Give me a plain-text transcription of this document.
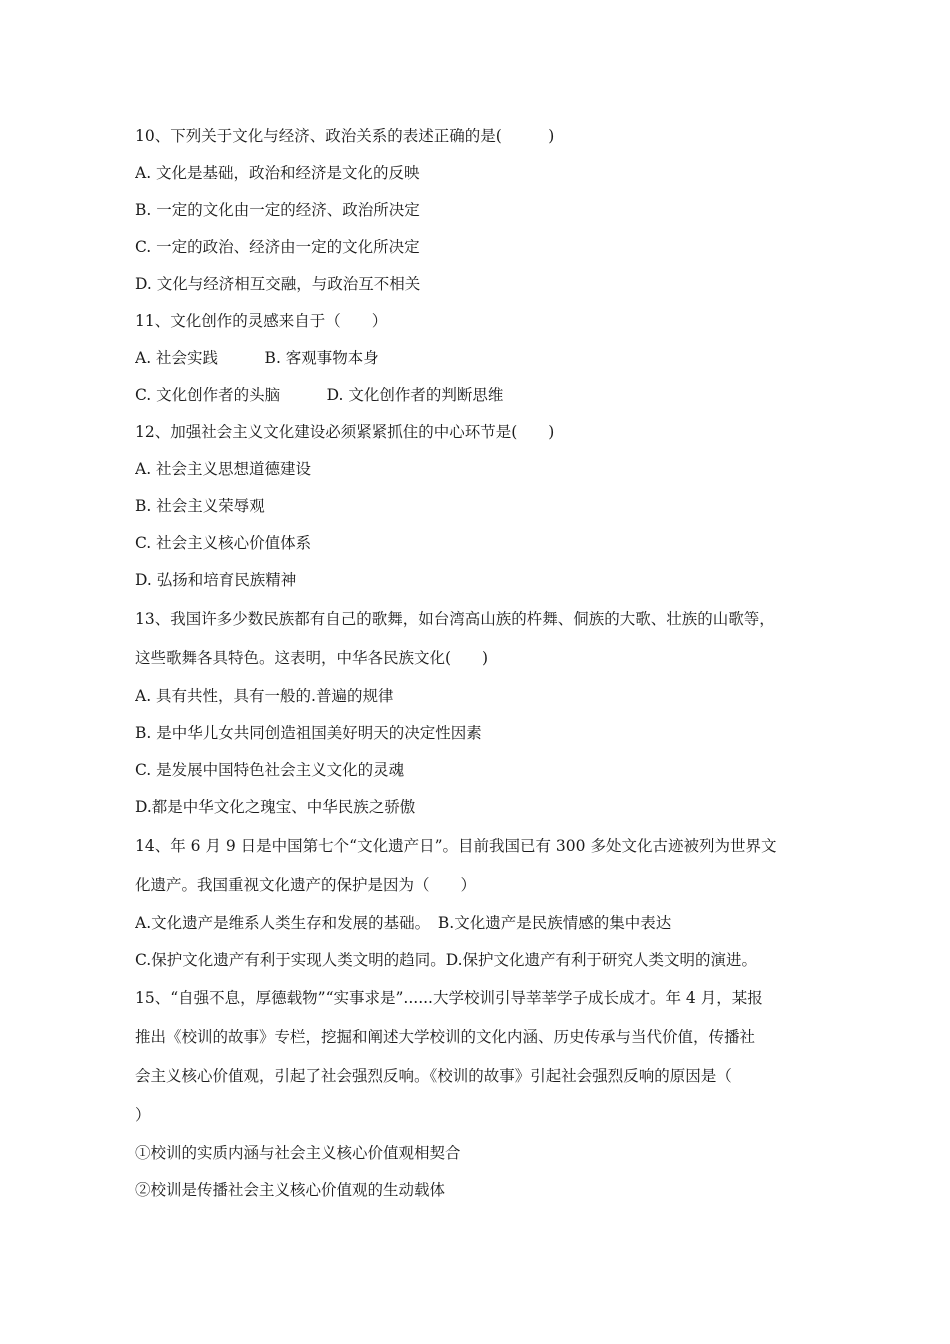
10、下列关于文化与经济、政治关系的表述正确的是(　　　)
A. 文化是基础，政治和经济是文化的反映
B. 一定的文化由一定的经济、政治所决定
C. 一定的政治、经济由一定的文化所决定
D. 文化与经济相互交融，与政治互不相关
11、文化创作的灵感来自于（　　）
A. 社会实践　　　B. 客观事物本身
C. 文化创作者的头脑　　　D. 文化创作者的判断思维
12、加强社会主义文化建设必须紧紧抓住的中心环节是(　　)
A. 社会主义思想道德建设
B. 社会主义荣辱观
C. 社会主义核心价值体系
D. 弘扬和培育民族精神
13、我国许多少数民族都有自己的歌舞，如台湾高山族的杵舞、侗族的大歌、壮族的山歌等，
这些歌舞各具特色。这表明，中华各民族文化(　　)
A. 具有共性，具有一般的.普遍的规律
B. 是中华儿女共同创造祖国美好明天的决定性因素
C. 是发展中国特色社会主义文化的灵魂
D.都是中华文化之瑰宝、中华民族之骄傲
14、年 6 月 9 日是中国第七个“文化遗产日”。目前我国已有 300 多处文化古迹被列为世界文
化遗产。我国重视文化遗产的保护是因为（　　）
A.文化遗产是维系人类生存和发展的基础。　B.文化遗产是民族情感的集中表达
C.保护文化遗产有利于实现人类文明的趋同。D.保护文化遗产有利于研究人类文明的演进。
15、“自强不息，厚德载物”“实事求是”......大学校训引导莘莘学子成长成才。年 4 月，某报
推出《校训的故事》专栏，挖掘和阐述大学校训的文化内涵、历史传承与当代价值，传播社
会主义核心价值观，引起了社会强烈反响。《校训的故事》引起社会强烈反响的原因是（
）
①校训的实质内涵与社会主义核心价值观相契合
②校训是传播社会主义核心价值观的生动载体
